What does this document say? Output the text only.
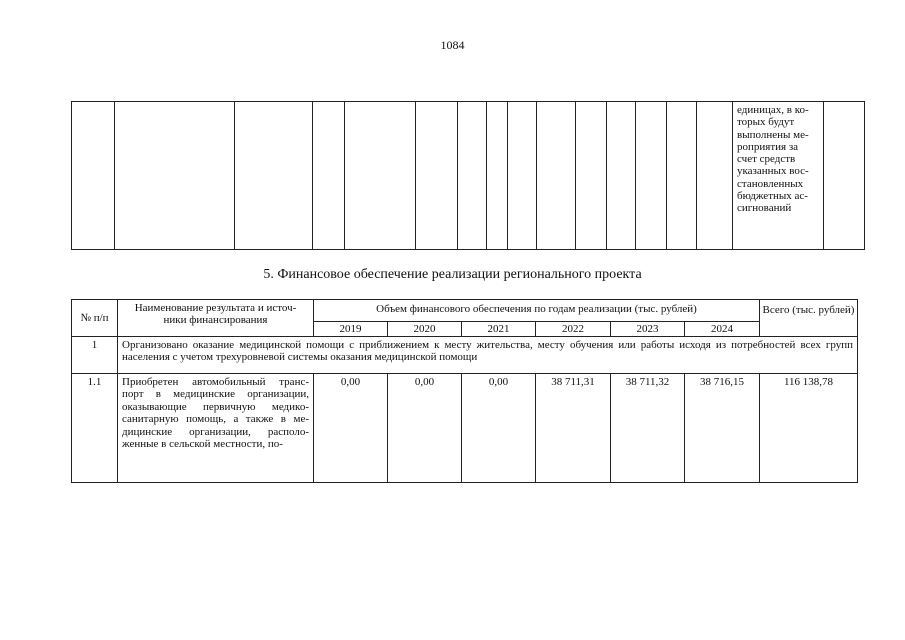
1084
															единицах, в ко-
торых будут
выполнены ме-
роприятия за
счет средств
указанных вос-
становленных
бюджетных ас-
сигнований	
5. Финансовое обеспечение реализации регионального проекта
№ п/п	Наименование результата и источ- ники финансирования	Объем финансового обеспечения по годам реализации (тыс. рублей)						Всего (тыс. рублей)
		2019	2020	2021	2022	2023	2024	
1	Организовано оказание медицинской помощи с приближением к месту жительства, месту обучения или работы исходя из потребностей всех групп населения с учетом трехуровневой системы оказания медицинской помощи							
1.1	Приобретен автомобильный транс- порт в медицинские организации, оказывающие первичную медико- санитарную помощь, а также в ме- дицинские организации, располо- женные в сельской местности, по-	0,00	0,00	0,00	38 711,31	38 711,32	38 716,15	116 138,78
